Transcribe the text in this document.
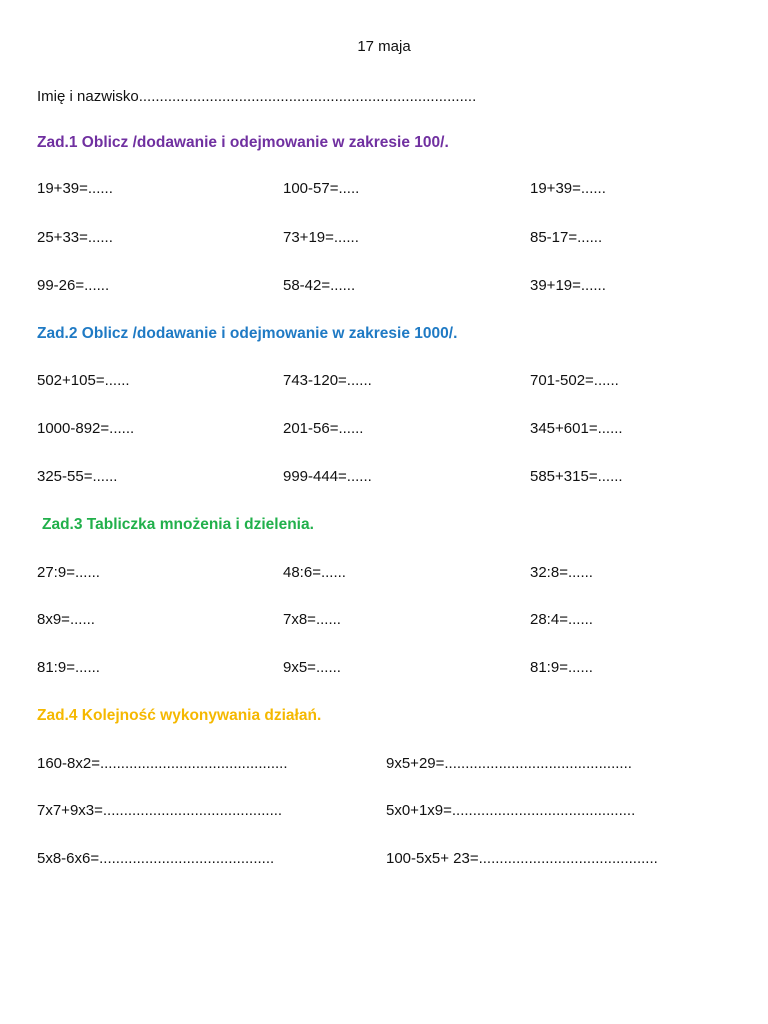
17 maja
Imię i nazwisko.................................................................................
Zad.1 Oblicz /dodawanie i odejmowanie w zakresie 100/.
19+39=......	100-57=.....	19+39=......
25+33=......	73+19=......	85-17=......
99-26=......	58-42=......	39+19=......
Zad.2 Oblicz /dodawanie i odejmowanie w zakresie 1000/.
502+105=......	743-120=......	701-502=......
1000-892=......	201-56=......	345+601=......
325-55=......	999-444=......	585+315=......
Zad.3 Tabliczka mnożenia i dzielenia.
27:9=......	48:6=......	32:8=......
8x9=......	7x8=......	28:4=......
81:9=......	9x5=......	81:9=......
Zad.4 Kolejność wykonywania działań.
160-8x2=.............................................	9x5+29=.............................................
7x7+9x3=...........................................	5x0+1x9=............................................
5x8-6x6=..........................................	100-5x5+ 23=...........................................
